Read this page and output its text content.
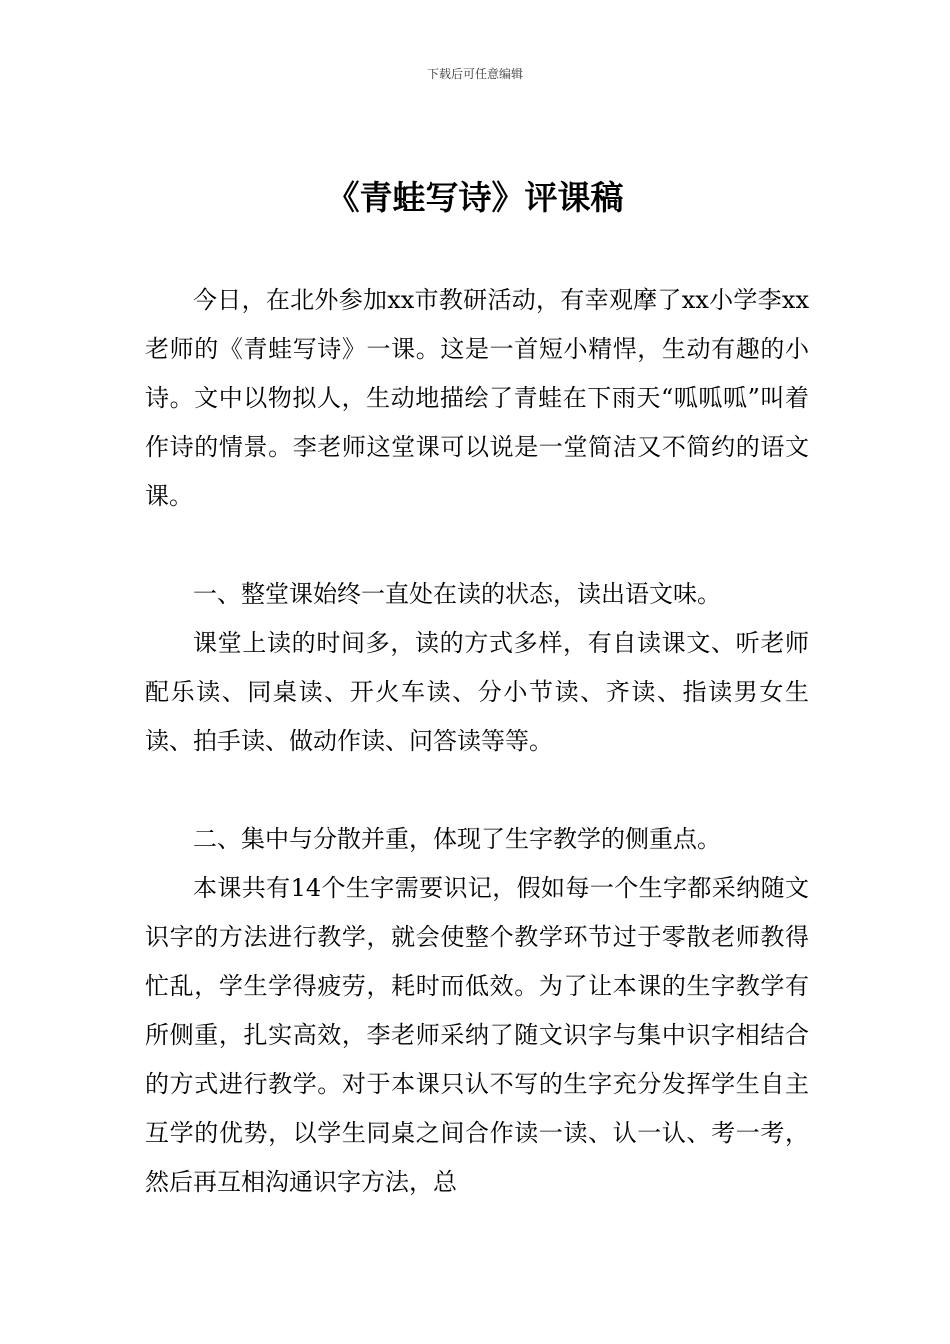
下载后可任意编辑
《青蛙写诗》评课稿

今日，在北外参加xx市教研活动，有幸观摩了xx小学李xx老师的《青蛙写诗》一课。这是一首短小精悍，生动有趣的小诗。文中以物拟人，生动地描绘了青蛙在下雨天“呱呱呱”叫着作诗的情景。李老师这堂课可以说是一堂简洁又不简约的语文课。

一、整堂课始终一直处在读的状态，读出语文味。

课堂上读的时间多，读的方式多样，有自读课文、听老师配乐读、同桌读、开火车读、分小节读、齐读、指读男女生读、拍手读、做动作读、问答读等等。

二、集中与分散并重，体现了生字教学的侧重点。

本课共有14个生字需要识记，假如每一个生字都采纳随文识字的方法进行教学，就会使整个教学环节过于零散老师教得忙乱，学生学得疲劳，耗时而低效。为了让本课的生字教学有所侧重，扎实高效，李老师采纳了随文识字与集中识字相结合的方式进行教学。对于本课只认不写的生字充分发挥学生自主互学的优势，以学生同桌之间合作读一读、认一认、考一考，然后再互相沟通识字方法，总
